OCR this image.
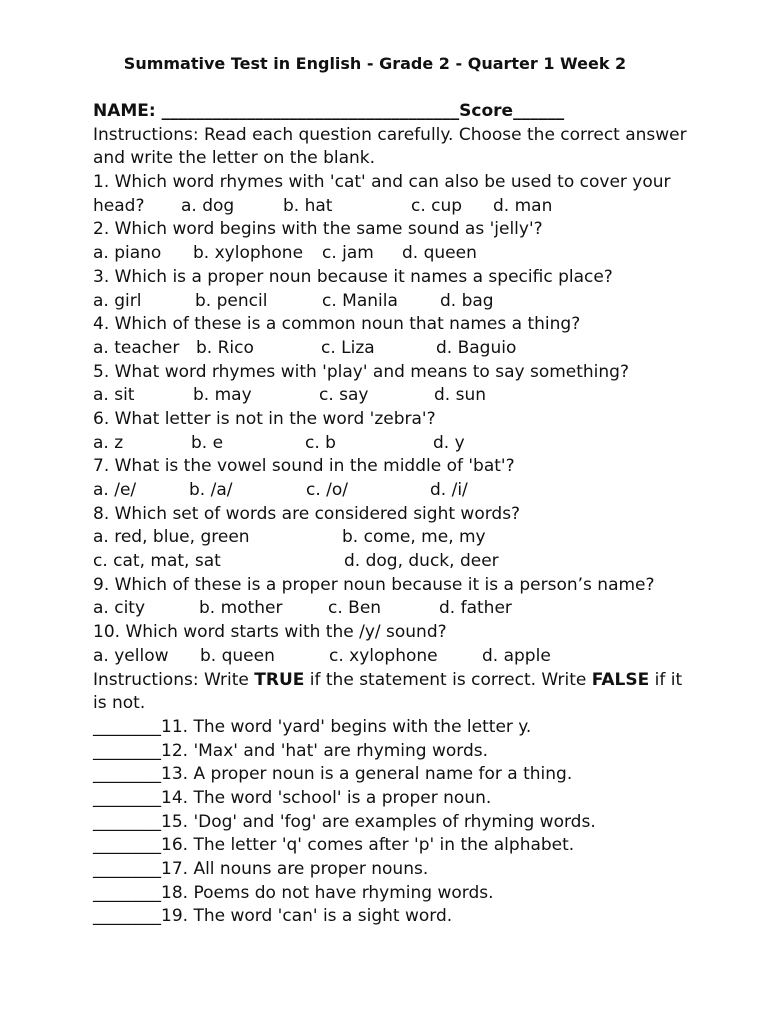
Summative Test in English - Grade 2 - Quarter 1 Week 2
NAME: ___________________________________Score______
Instructions: Read each question carefully. Choose the correct answer
and write the letter on the blank.
1. Which word rhymes with 'cat' and can also be used to cover your
head? a. dog	b. hat	c. cup d. man
2. Which word begins with the same sound as 'jelly'?
a. piano b. xylophone c. jam d. queen
3. Which is a proper noun because it names a specific place?
a. girl	b. pencil	c. Manila d. bag
4. Which of these is a common noun that names a thing?
a. teacher b. Rico	c. Liza	d. Baguio
5. What word rhymes with 'play' and means to say something?
a. sit	b. may	c. say	d. sun
6. What letter is not in the word 'zebra'?
a. z	b. e	c. b	d. y
7. What is the vowel sound in the middle of 'bat'?
a. /e/	b. /a/	c. /o/	d. /i/
8. Which set of words are considered sight words?
a. red, blue, green	b. come, me, my
c. cat, mat, sat	d. dog, duck, deer
9. Which of these is a proper noun because it is a person’s name?
a. city	b. mother	c. Ben	d. father
10. Which word starts with the /y/ sound?
a. yellow b. queen	c. xylophone	d. apple
Instructions: Write TRUE if the statement is correct. Write FALSE if it
is not.
________11. The word 'yard' begins with the letter y.
________12. 'Max' and 'hat' are rhyming words.
________13. A proper noun is a general name for a thing.
________14. The word 'school' is a proper noun.
________15. 'Dog' and 'fog' are examples of rhyming words.
________16. The letter 'q' comes after 'p' in the alphabet.
________17. All nouns are proper nouns.
________18. Poems do not have rhyming words.
________19. The word 'can' is a sight word.
